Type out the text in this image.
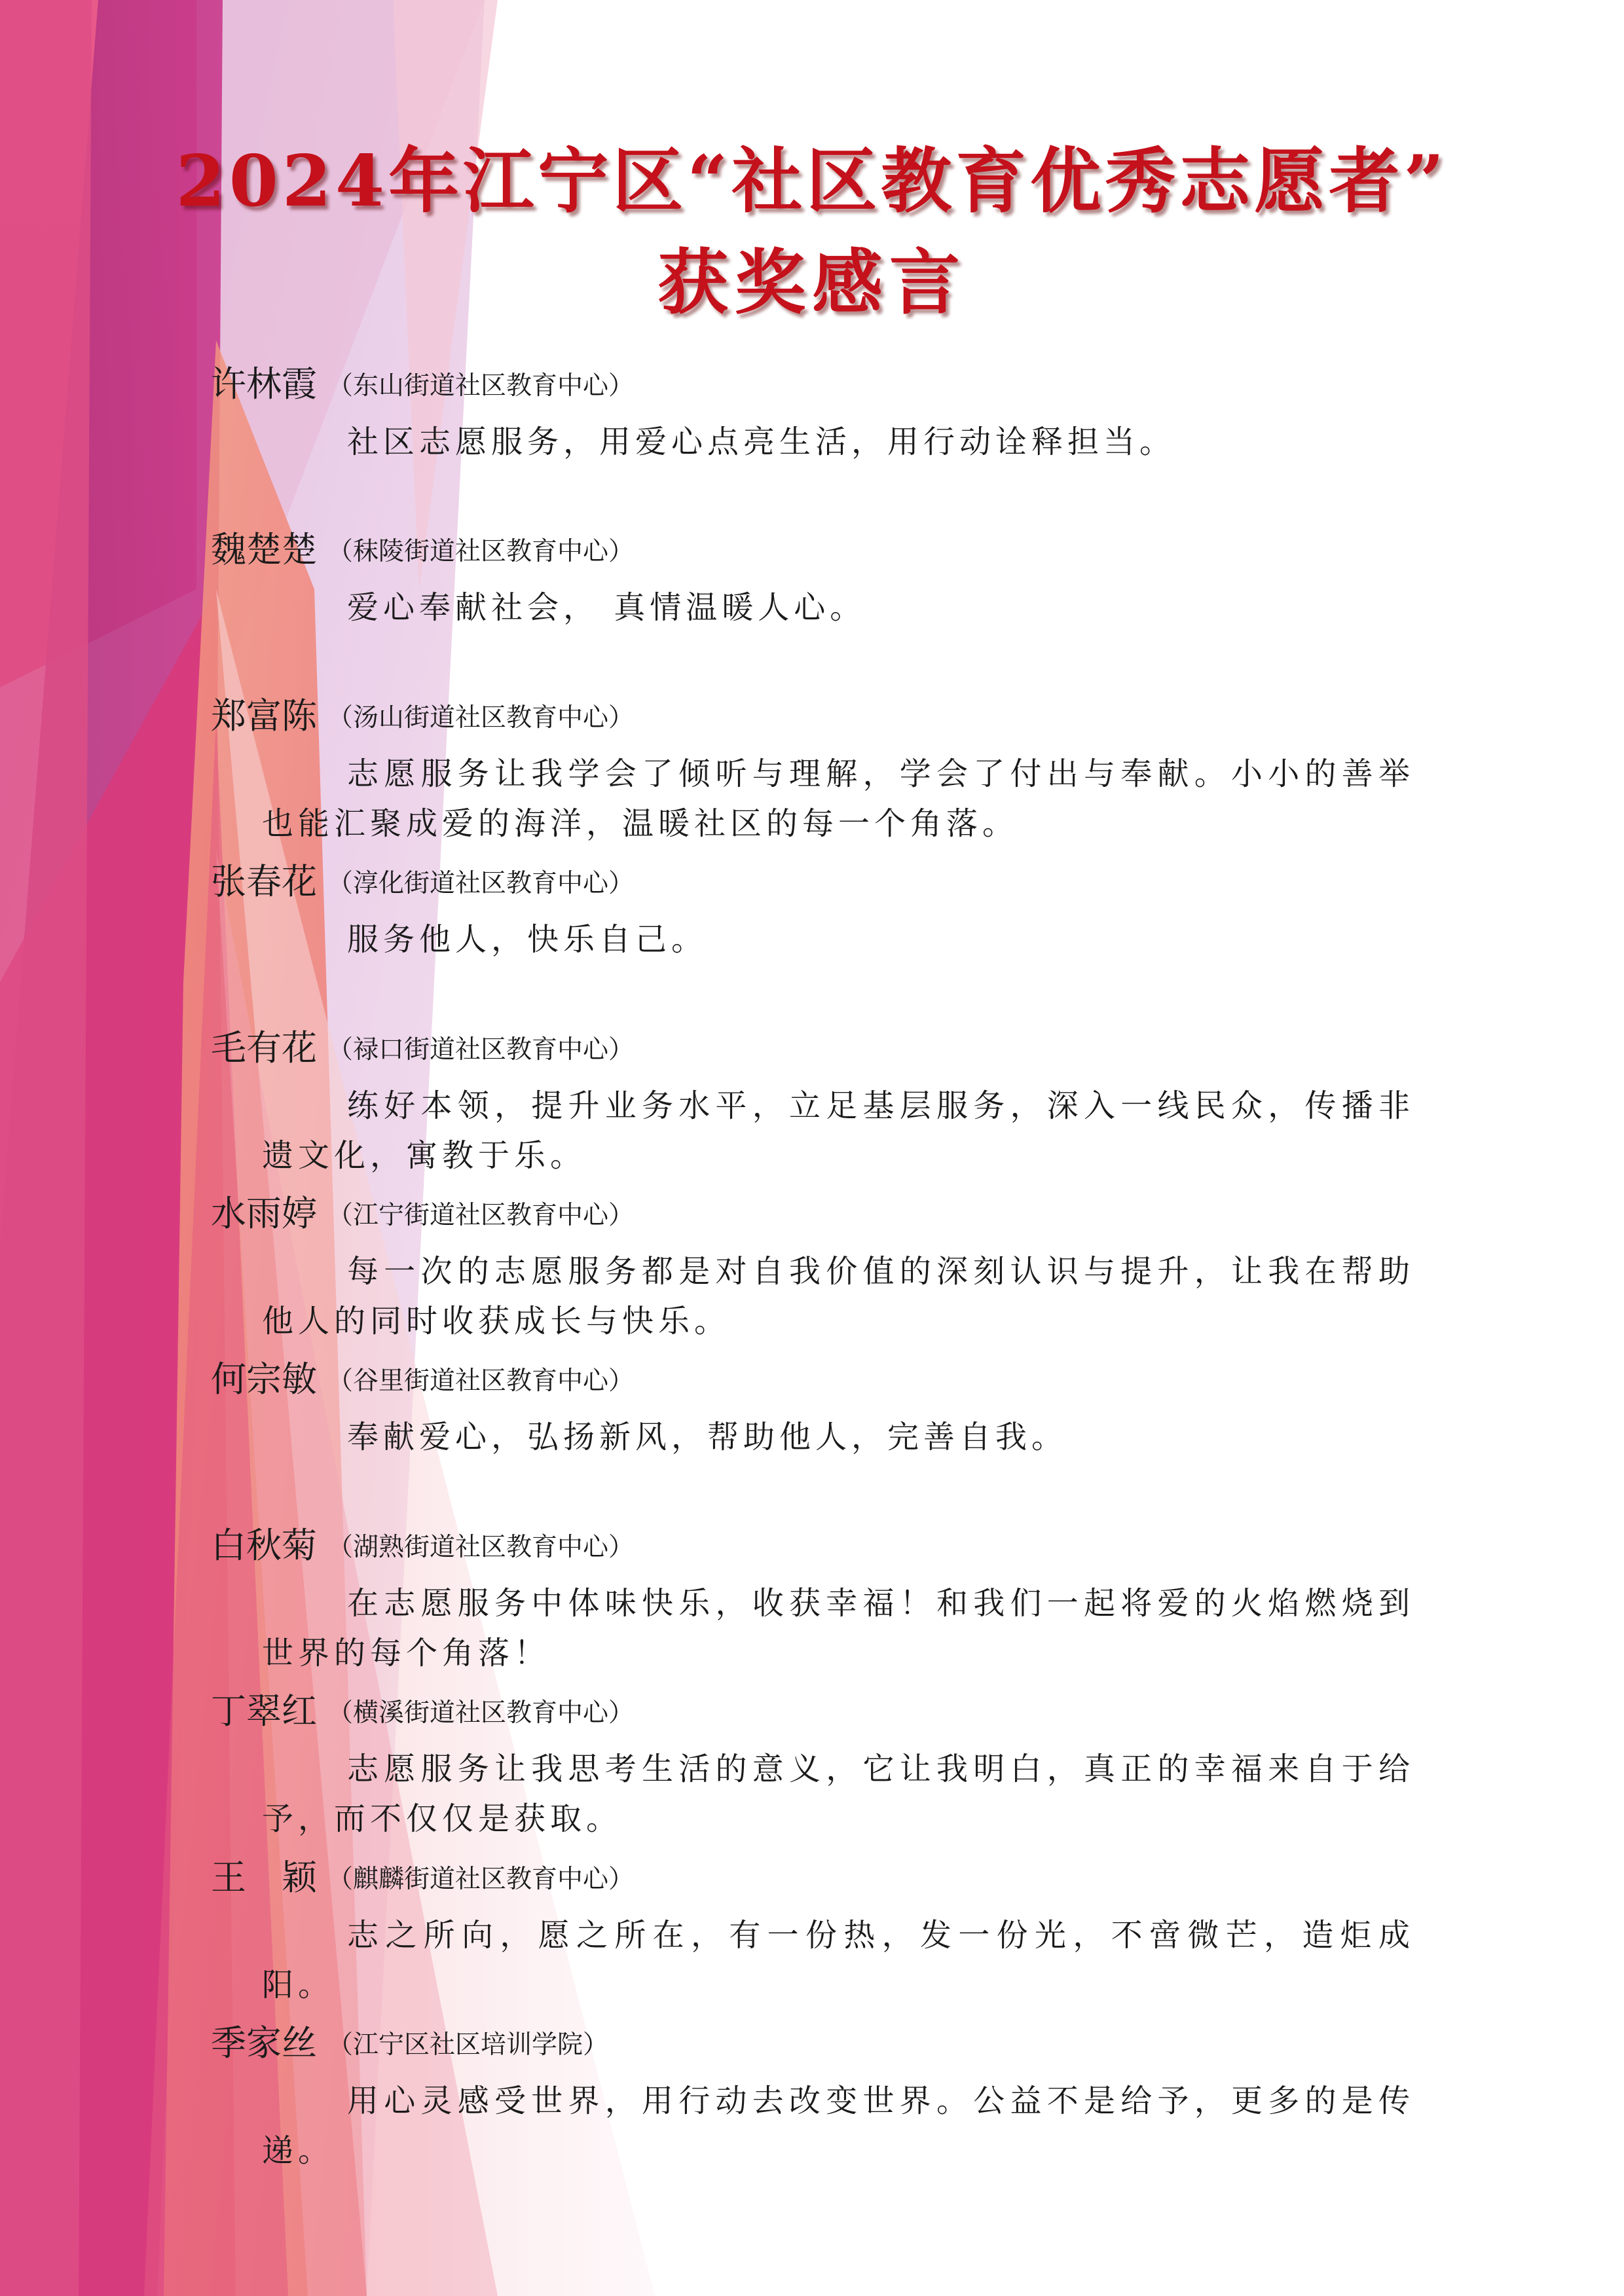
2024年江宁区“社区教育优秀志愿者”
获奖感言
许林霞 （东山街道社区教育中心）
社区志愿服务，用爱心点亮生活，用行动诠释担当。
魏楚楚 （秣陵街道社区教育中心）
爱心奉献社会， 真情温暖人心。
郑富陈 （汤山街道社区教育中心）
志愿服务让我学会了倾听与理解，学会了付出与奉献。小小的善举也能汇聚成爱的海洋，温暖社区的每一个角落。
张春花 （淳化街道社区教育中心）
服务他人，快乐自己。
毛有花 （禄口街道社区教育中心）
练好本领，提升业务水平，立足基层服务，深入一线民众，传播非遗文化，寓教于乐。
水雨婷 （江宁街道社区教育中心）
每一次的志愿服务都是对自我价值的深刻认识与提升，让我在帮助他人的同时收获成长与快乐。
何宗敏 （谷里街道社区教育中心）
奉献爱心，弘扬新风，帮助他人，完善自我。
白秋菊 （湖熟街道社区教育中心）
在志愿服务中体味快乐，收获幸福！和我们一起将爱的火焰燃烧到世界的每个角落！
丁翠红 （横溪街道社区教育中心）
志愿服务让我思考生活的意义，它让我明白，真正的幸福来自于给予，而不仅仅是获取。
王　颖 （麒麟街道社区教育中心）
志之所向，愿之所在，有一份热，发一份光，不啻微芒，造炬成阳。
季家丝 （江宁区社区培训学院）
用心灵感受世界，用行动去改变世界。公益不是给予，更多的是传递。
